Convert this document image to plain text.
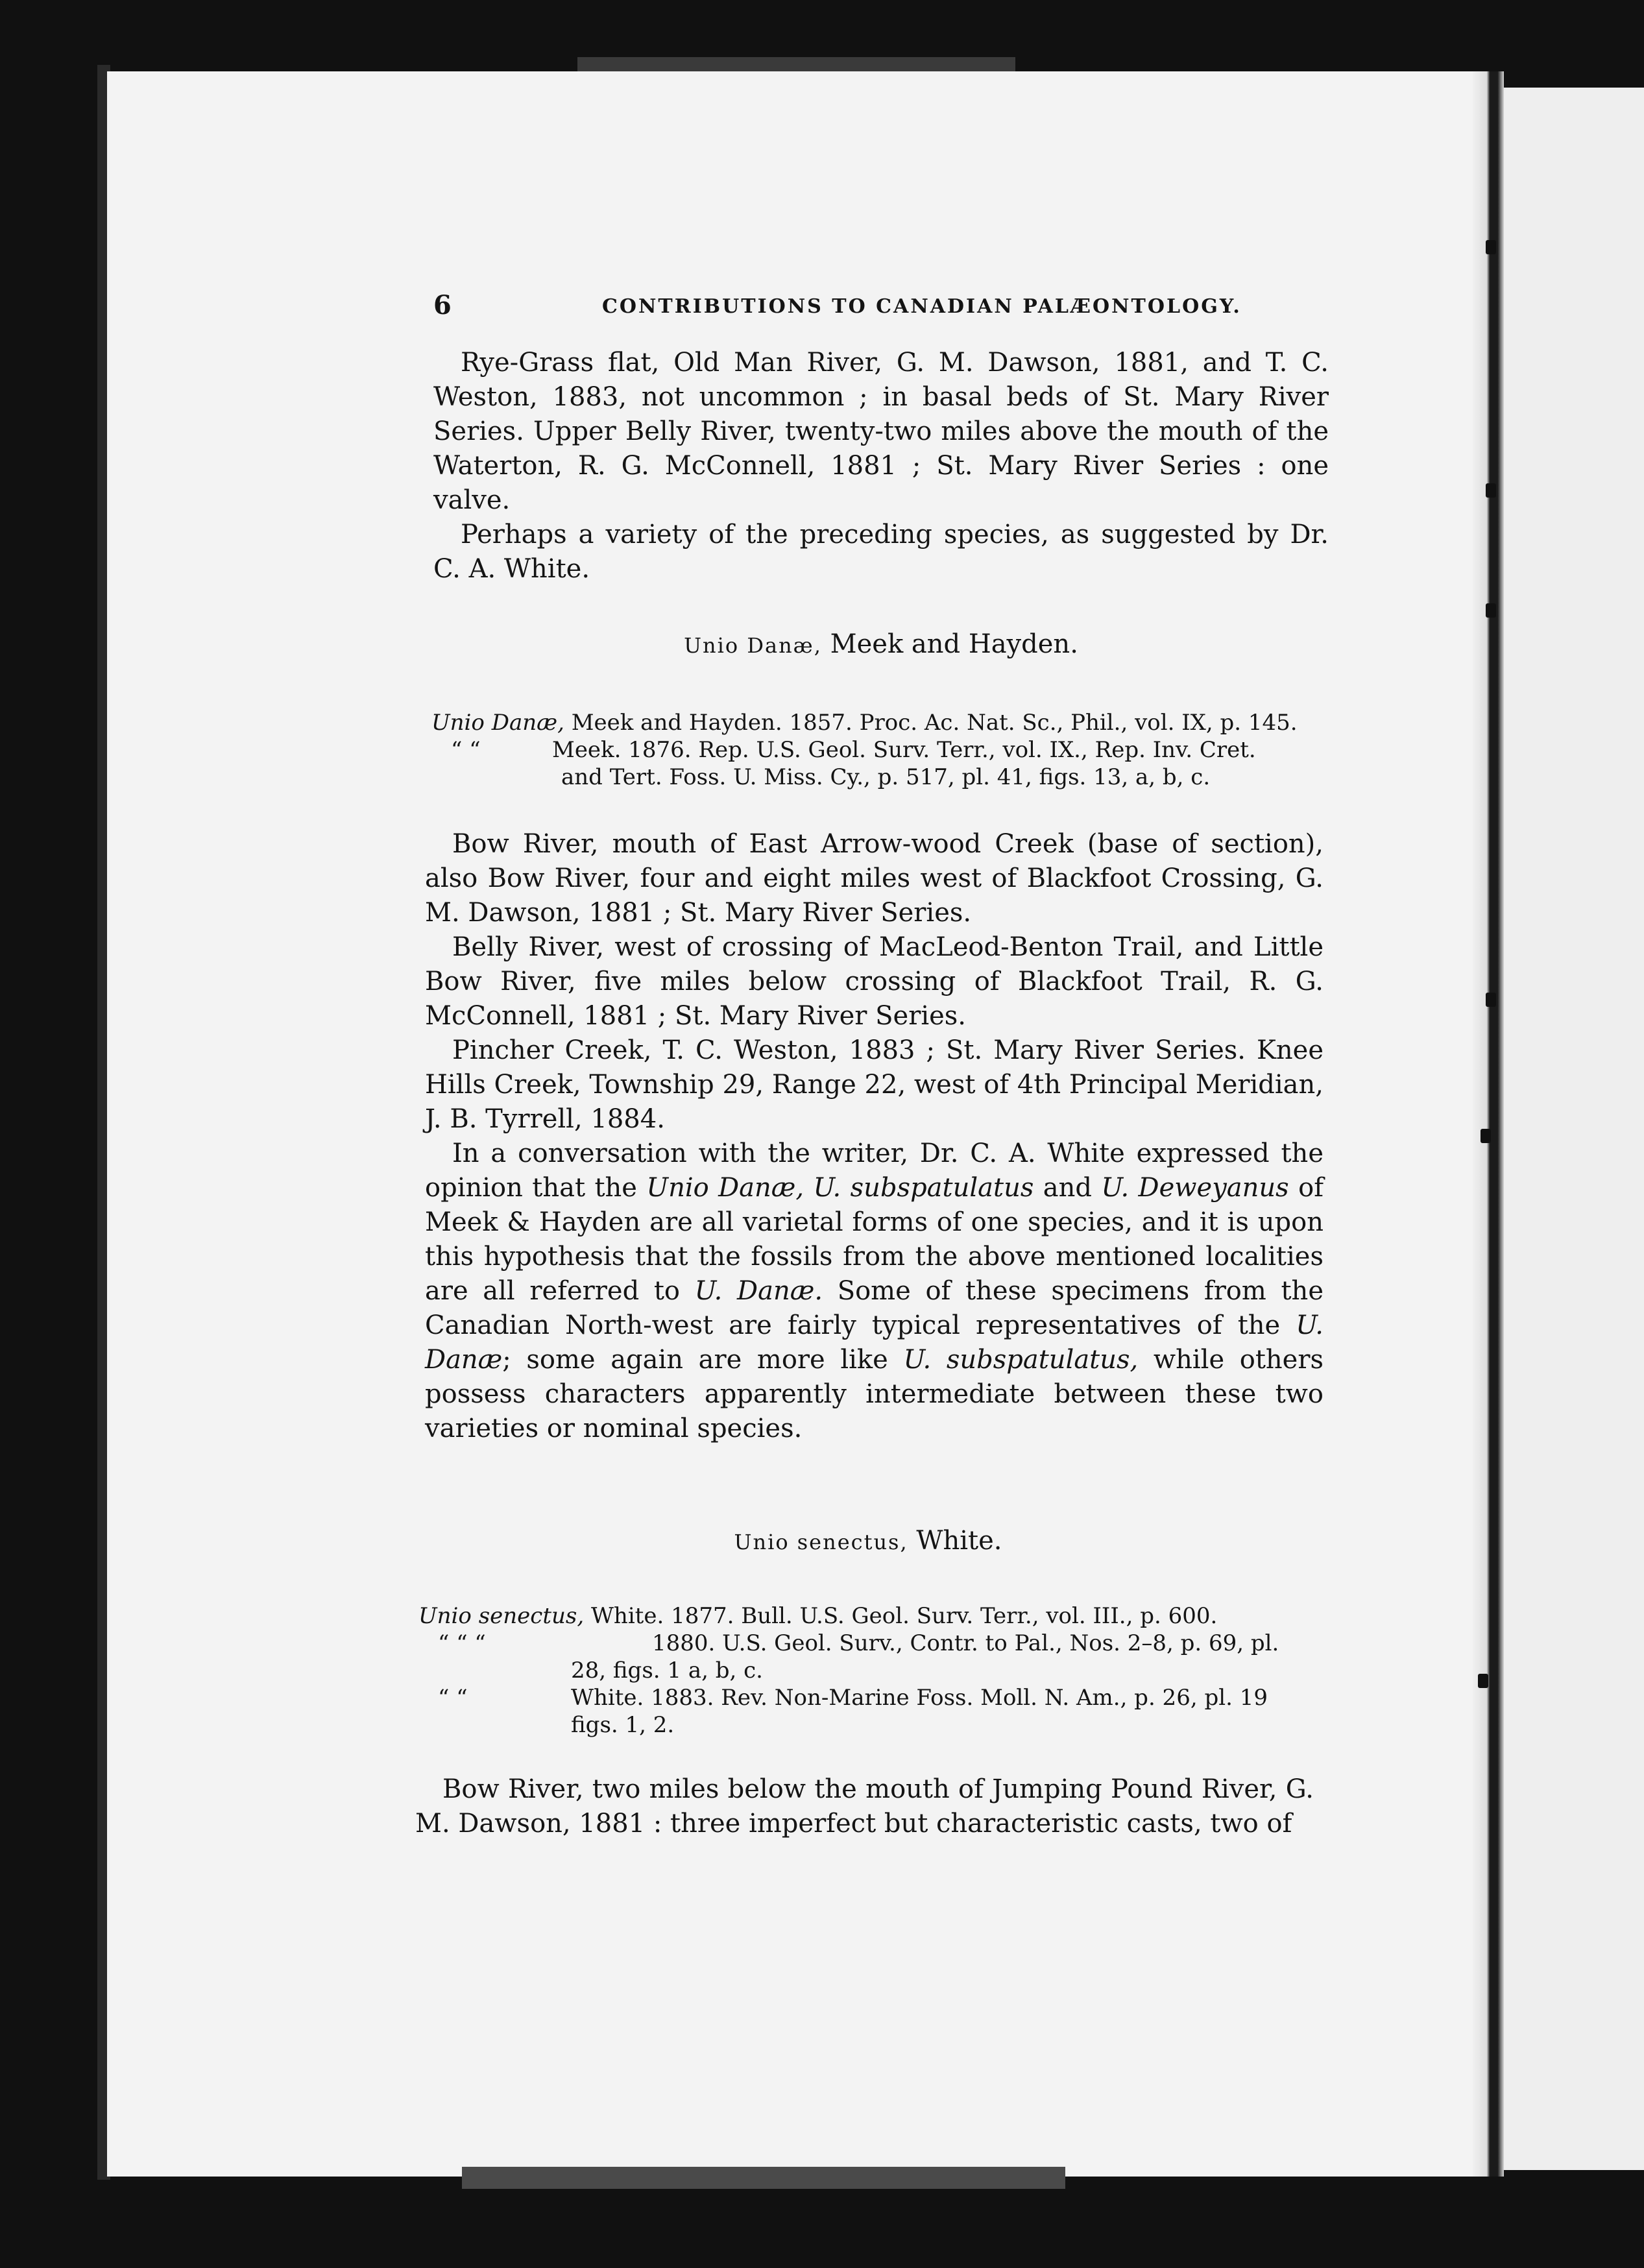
6	CONTRIBUTIONS TO CANADIAN PALÆONTOLOGY.

Rye-Grass flat, Old Man River, G. M. Dawson, 1881, and T. C. Weston, 1883, not uncommon ; in basal beds of St. Mary River Series. Upper Belly River, twenty-two miles above the mouth of the Waterton, R. G. McConnell, 1881 ; St. Mary River Series : one valve.

Perhaps a variety of the preceding species, as suggested by Dr. C. A. White.

Unio Danæ, Meek and Hayden.
Unio Danæ, Meek and Hayden. 1857. Proc. Ac. Nat. Sc., Phil., vol. IX, p. 145.
“ “	Meek. 1876. Rep. U.S. Geol. Surv. Terr., vol. IX., Rep. Inv. Cret.
and Tert. Foss. U. Miss. Cy., p. 517, pl. 41, figs. 13, a, b, c.

Bow River, mouth of East Arrow-wood Creek (base of section), also Bow River, four and eight miles west of Blackfoot Crossing, G. M. Dawson, 1881 ; St. Mary River Series.

Belly River, west of crossing of MacLeod-Benton Trail, and Little Bow River, five miles below crossing of Blackfoot Trail, R. G. McConnell, 1881 ; St. Mary River Series.

Pincher Creek, T. C. Weston, 1883 ; St. Mary River Series. Knee Hills Creek, Township 29, Range 22, west of 4th Principal Meridian, J. B. Tyrrell, 1884.

In a conversation with the writer, Dr. C. A. White expressed the opinion that the Unio Danæ, U. subspatulatus and U. Deweyanus of Meek & Hayden are all varietal forms of one species, and it is upon this hypothesis that the fossils from the above mentioned localities are all referred to U. Danæ. Some of these specimens from the Canadian North-west are fairly typical representatives of the U. Danæ; some again are more like U. subspatulatus, while others possess characters apparently intermediate between these two varieties or nominal species.

Unio senectus, White.
Unio senectus, White. 1877. Bull. U.S. Geol. Surv. Terr., vol. III., p. 600.
“ “ “	1880. U.S. Geol. Surv., Contr. to Pal., Nos. 2–8, p. 69, pl.
28, figs. 1 a, b, c.
“ “	White. 1883. Rev. Non-Marine Foss. Moll. N. Am., p. 26, pl. 19
figs. 1, 2.

Bow River, two miles below the mouth of Jumping Pound River, G. M. Dawson, 1881 : three imperfect but characteristic casts, two of
